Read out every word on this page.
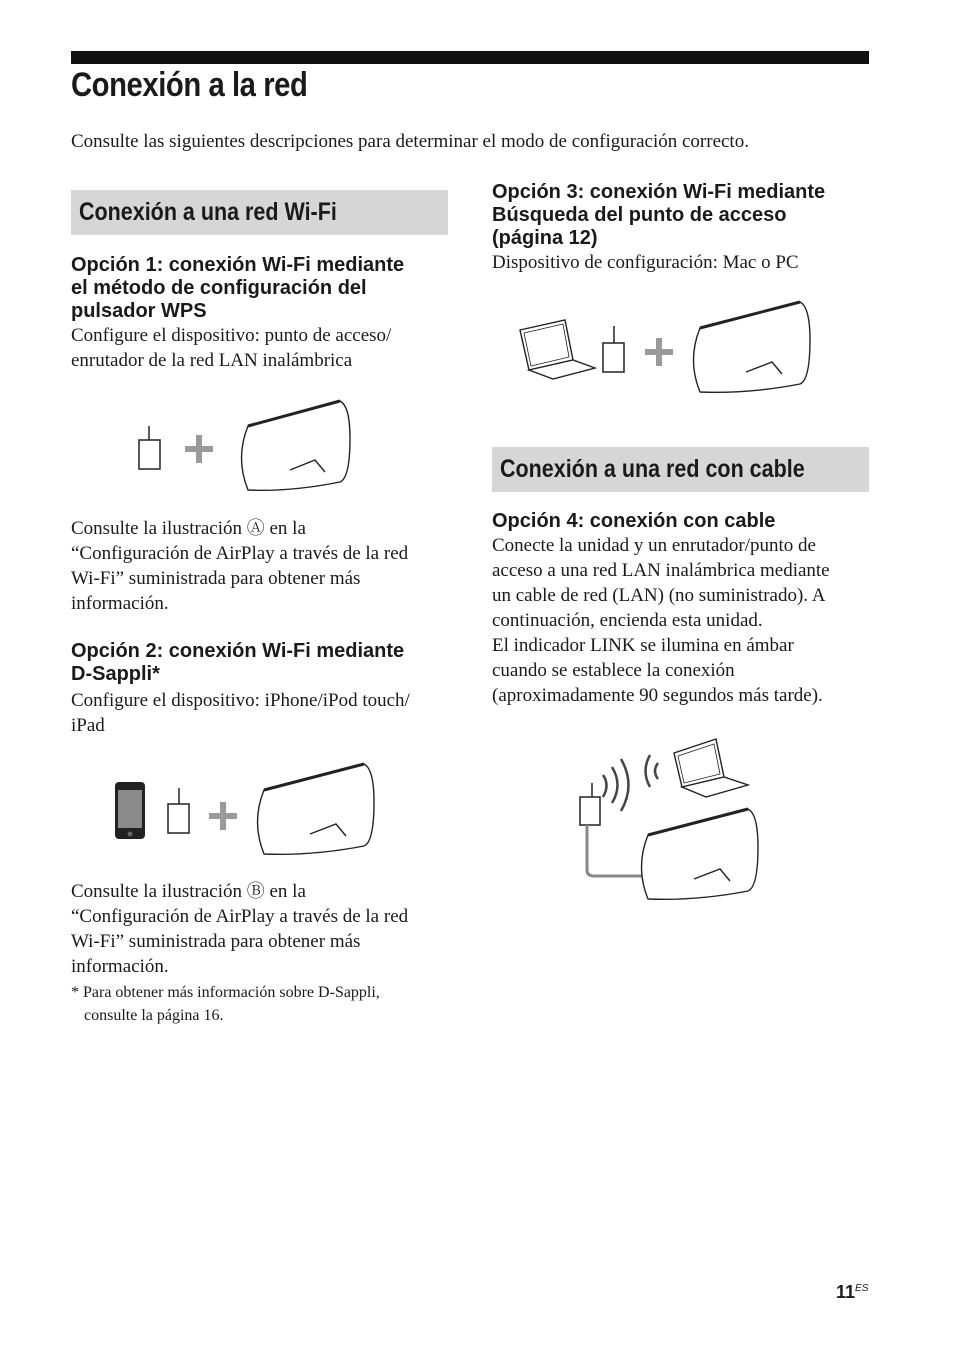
Conexión a la red
Consulte las siguientes descripciones para determinar el modo de configuración correcto.
Conexión a una red Wi-Fi

Opción 1: conexión Wi-Fi mediante

el método de configuración del

pulsador WPS

Configure el dispositivo: punto de acceso/

enrutador de la red LAN inalámbrica

Consulte la ilustración Ⓐ en la

“Configuración de AirPlay a través de la red

Wi-Fi” suministrada para obtener más

información.

Opción 2: conexión Wi-Fi mediante

D-Sappli*

Configure el dispositivo: iPhone/iPod touch/

iPad

Consulte la ilustración Ⓑ en la

“Configuración de AirPlay a través de la red

Wi-Fi” suministrada para obtener más

información.

* Para obtener más información sobre D-Sappli,

consulte la página 16.

Opción 3: conexión Wi-Fi mediante

Búsqueda del punto de acceso

(página 12)

Dispositivo de configuración: Mac o PC

Conexión a una red con cable

Opción 4: conexión con cable

Conecte la unidad y un enrutador/punto de

acceso a una red LAN inalámbrica mediante

un cable de red (LAN) (no suministrado). A

continuación, encienda esta unidad.

El indicador LINK se ilumina en ámbar

cuando se establece la conexión

(aproximadamente 90 segundos más tarde).

$11^{ES}$
